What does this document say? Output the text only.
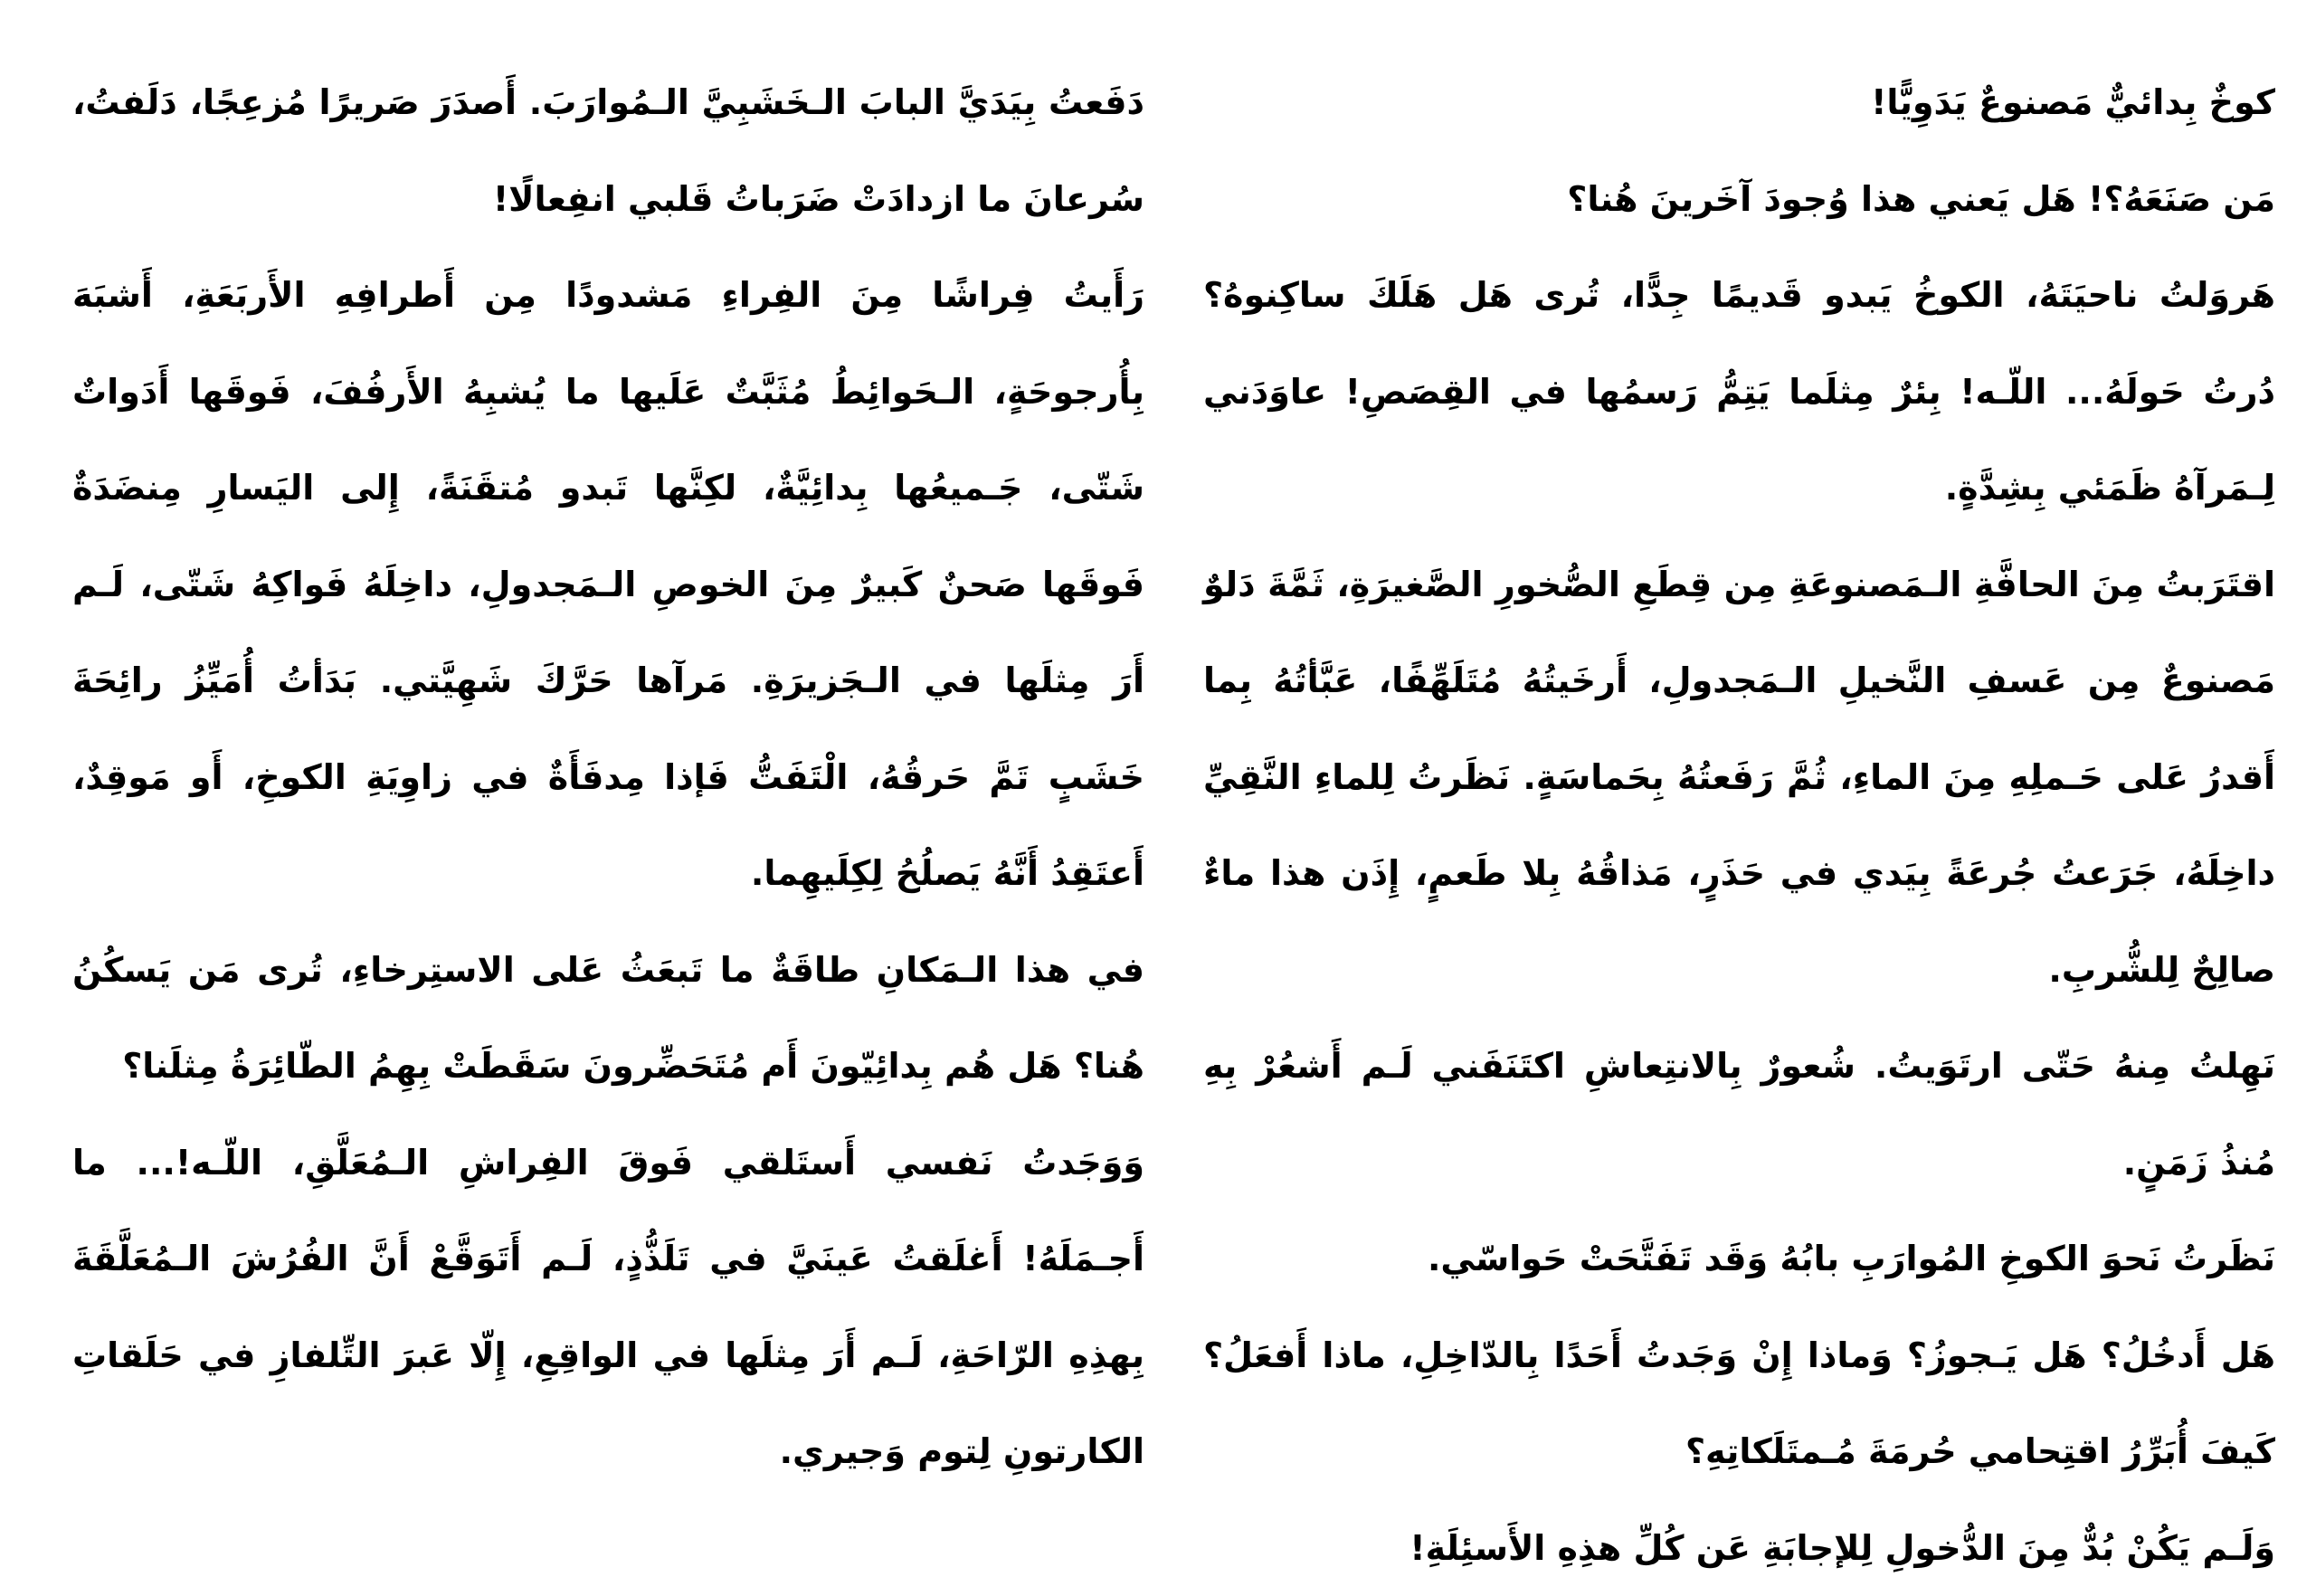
كوخٌ بِدائيٌّ مَصنوعٌ يَدَوِيًّا!

مَن صَنَعَهُ؟! هَل يَعني هذا وُجودَ آخَرينَ هُنا؟

هَروَلتُ ناحيَتَهُ، الكوخُ يَبدو قَديمًا جِدًّا، تُرى هَل هَلَكَ ساكِنوهُ؟ دُرتُ حَولَهُ... اللّـه! بِئرٌ مِثلَما يَتِمُّ رَسمُها في القِصَصِ! عاوَدَني لِـمَرآهُ ظَمَئي بِشِدَّةٍ.

اقتَرَبتُ مِنَ الحافَّةِ الـمَصنوعَةِ مِن قِطَعِ الصُّخورِ الصَّغيرَةِ، ثَمَّةَ دَلوٌ مَصنوعٌ مِن عَسفِ النَّخيلِ الـمَجدولِ، أَرخَيتُهُ مُتَلَهِّفًا، عَبَّأتُهُ بِما أَقدرُ عَلى حَـملِهِ مِنَ الماءِ، ثُمَّ رَفَعتُهُ بِحَماسَةٍ. نَظَرتُ لِلماءِ النَّقِيِّ داخِلَهُ، جَرَعتُ جُرعَةً بِيَدي في حَذَرٍ، مَذاقُهُ بِلا طَعمٍ، إِذَن هذا ماءٌ صالِحٌ لِلشُّربِ.

نَهِلتُ مِنهُ حَتّى ارتَوَيتُ. شُعورٌ بِالانتِعاشِ اكتَنَفَني لَـم أَشعُرْ بِهِ مُنذُ زَمَنٍ.

نَظَرتُ نَحوَ الكوخِ المُوارَبِ بابُهُ وَقَد تَفَتَّحَتْ حَواسّي.

هَل أَدخُلُ؟ هَل يَـجوزُ؟ وَماذا إِنْ وَجَدتُ أَحَدًا بِالدّاخِلِ، ماذا أَفعَلُ؟ كَيفَ أُبَرِّرُ اقتِحامي حُرمَةَ مُـمتَلَكاتِهِ؟

وَلَـم يَكُنْ بُدٌّ مِنَ الدُّخولِ لِلإجابَةِ عَن كُلِّ هذِهِ الأَسئِلَةِ!

دَفَعتُ بِيَدَيَّ البابَ الـخَشَبِيَّ الـمُوارَبَ. أَصدَرَ صَريرًا مُزعِجًا، دَلَفتُ، سُرعانَ ما ازدادَتْ ضَرَباتُ قَلبي انفِعالًا!

رَأَيتُ فِراشًا مِنَ الفِراءِ مَشدودًا مِن أَطرافِهِ الأَربَعَةِ، أَشبَهَ بِأُرجوحَةٍ، الـحَوائِطُ مُثَبَّتٌ عَلَيها ما يُشبِهُ الأَرفُفَ، فَوقَها أَدَواتٌ شَتّى، جَـميعُها بِدائِيَّةٌ، لكِنَّها تَبدو مُتقَنَةً، إِلى اليَسارِ مِنضَدَةٌ فَوقَها صَحنٌ كَبيرٌ مِنَ الخوصِ الـمَجدولِ، داخِلَهُ فَواكِهُ شَتّى، لَـم أَرَ مِثلَها في الـجَزيرَةِ. مَرآها حَرَّكَ شَهِيَّتي. بَدَأتُ أُمَيِّزُ رائِحَةَ خَشَبٍ تَمَّ حَرقُهُ، الْتَفَتُّ فَإذا مِدفَأَةٌ في زاوِيَةِ الكوخِ، أَو مَوقِدٌ، أَعتَقِدُ أَنَّهُ يَصلُحُ لِكِلَيهِما.

في هذا الـمَكانِ طاقَةٌ ما تَبعَثُ عَلى الاستِرخاءِ، تُرى مَن يَسكُنُ هُنا؟ هَل هُم بِدائِيّونَ أَم مُتَحَضِّرونَ سَقَطَتْ بِهِمُ الطّائِرَةُ مِثلَنا؟

وَوَجَدتُ نَفسي أَستَلقي فَوقَ الفِراشِ الـمُعَلَّقِ، اللّـه!... ما أَجـمَلَهُ! أَغلَقتُ عَينَيَّ في تَلَذُّذٍ، لَـم أَتَوَقَّعْ أَنَّ الفُرُشَ الـمُعَلَّقَةَ بِهذِهِ الرّاحَةِ، لَـم أَرَ مِثلَها في الواقِعِ، إِلّا عَبرَ التِّلفازِ في حَلَقاتِ الكارتونِ لِتوم وَجيري.
